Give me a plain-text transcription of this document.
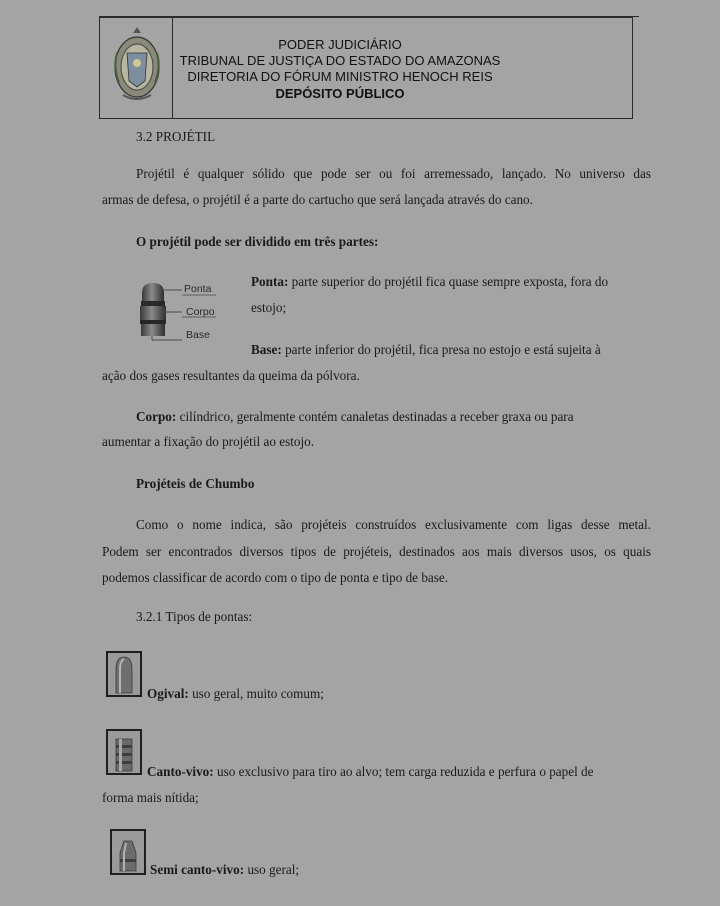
PODER JUDICIÁRIO
TRIBUNAL DE JUSTIÇA DO ESTADO DO AMAZONAS
DIRETORIA DO FÓRUM MINISTRO HENOCH REIS
DEPÓSITO PÚBLICO
3.2 PROJÉTIL
Projétil é qualquer sólido que pode ser ou foi arremessado, lançado. No universo das
armas de defesa, o projétil é a parte do cartucho que será lançada através do cano.
O projétil pode ser dividido em três partes:
Ponta
Corpo
Base
Ponta: parte superior do projétil fica quase sempre exposta, fora do
estojo;
Base: parte inferior do projétil, fica presa no estojo e está sujeita à
ação dos gases resultantes da queima da pólvora.
Corpo: cilíndrico, geralmente contém canaletas destinadas a receber graxa ou para
aumentar a fixação do projétil ao estojo.
Projéteis de Chumbo
Como o nome indica, são projéteis construídos exclusivamente com ligas desse metal.
Podem ser encontrados diversos tipos de projéteis, destinados aos mais diversos usos, os quais
podemos classificar de acordo com o tipo de ponta e tipo de base.
3.2.1 Tipos de pontas:
Ogival: uso geral, muito comum;
Canto-vivo: uso exclusivo para tiro ao alvo; tem carga reduzida e perfura o papel de
forma mais nítida;
Semi canto-vivo: uso geral;
